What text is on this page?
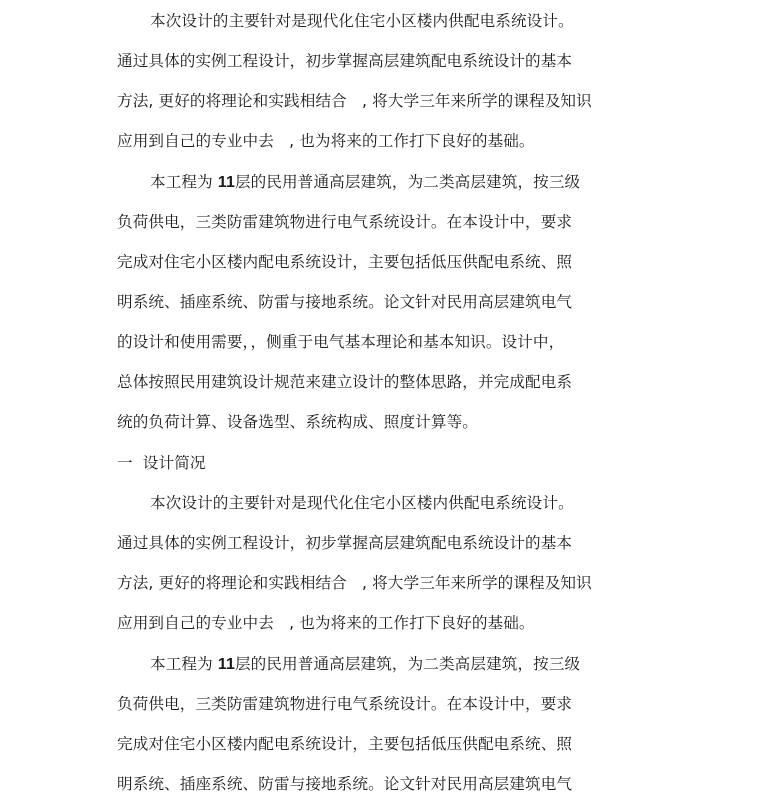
本次设计的主要针对是现代化住宅小区楼内供配电系统设计。
通过具体的实例工程设计，初步掌握高层建筑配电系统设计的基本
方法, 更好的将理论和实践相结合   , 将大学三年来所学的课程及知识
应用到自己的专业中去   , 也为将来的工作打下良好的基础。
本工程为 11层的民用普通高层建筑，为二类高层建筑，按三级
负荷供电，三类防雷建筑物进行电气系统设计。在本设计中，要求
完成对住宅小区楼内配电系统设计，主要包括低压供配电系统、照
明系统、插座系统、防雷与接地系统。论文针对民用高层建筑电气
的设计和使用需要，，侧重于电气基本理论和基本知识。设计中，
总体按照民用建筑设计规范来建立设计的整体思路，并完成配电系
统的负荷计算、设备选型、系统构成、照度计算等。
一  设计简况
本次设计的主要针对是现代化住宅小区楼内供配电系统设计。
通过具体的实例工程设计，初步掌握高层建筑配电系统设计的基本
方法, 更好的将理论和实践相结合   , 将大学三年来所学的课程及知识
应用到自己的专业中去   , 也为将来的工作打下良好的基础。
本工程为 11层的民用普通高层建筑，为二类高层建筑，按三级
负荷供电，三类防雷建筑物进行电气系统设计。在本设计中，要求
完成对住宅小区楼内配电系统设计，主要包括低压供配电系统、照
明系统、插座系统、防雷与接地系统。论文针对民用高层建筑电气
